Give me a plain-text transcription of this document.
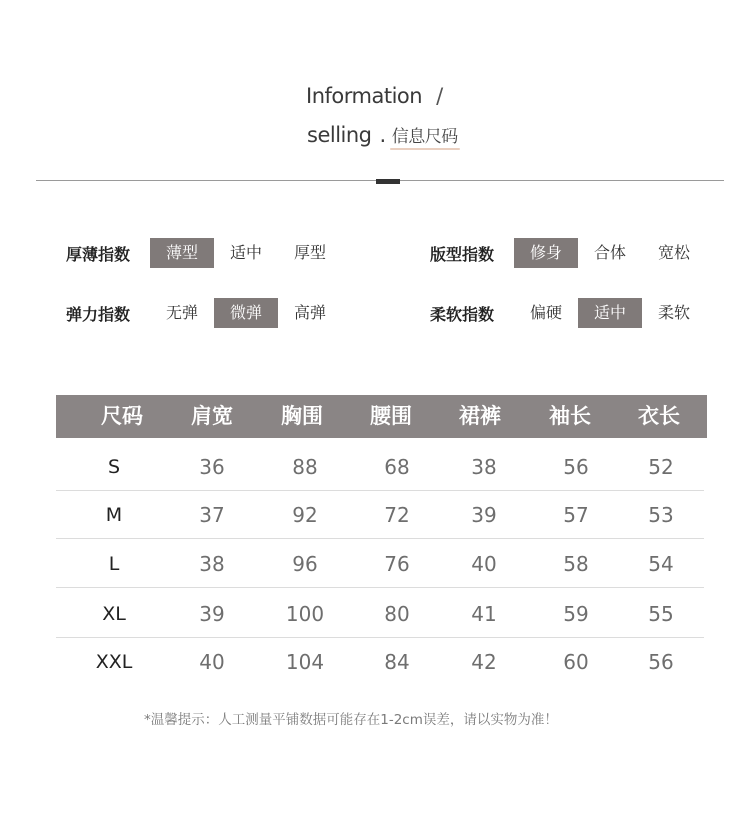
Information /
selling . 信息尺码
厚薄指数	薄型	适中	厚型	版型指数	修身	合体	宽松
弹力指数	无弹	微弹	高弹	柔软指数	偏硬	适中	柔软
尺码 肩宽 胸围 腰围 裙裤 袖长 衣长
S	36	88	68	38	56	52
M	37	92	72	39	57	53
L	38	96	76	40	58	54
XL	39	100	80	41	59	55
XXL	40	104	84	42	60	56
*温馨提示：人工测量平铺数据可能存在1-2cm误差，请以实物为准！
